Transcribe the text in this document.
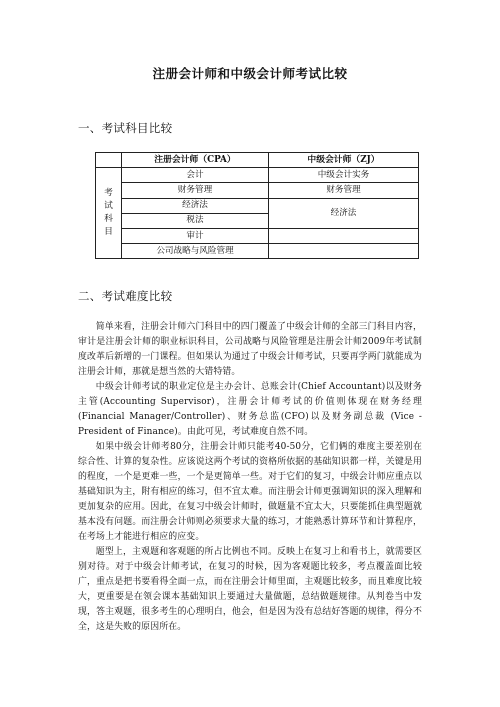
注册会计师和中级会计师考试比较
一、考试科目比较
	注册会计师（CPA）	中级会计师（ZJ）

考
试
科
目	会计	中级会计实务
	财务管理	财务管理
	经济法	经济法
	税法	
	审计	
	公司战略与风险管理	
二、考试难度比较

简单来看，注册会计师六门科目中的四门覆盖了中级会计师的全部三门科目内容，审计是注册会计师的职业标识科目，公司战略与风险管理是注册会计师2009年考试制度改革后新增的一门课程。但如果认为通过了中级会计师考试，只要再学两门就能成为注册会计师，那就是想当然的大错特错。

中级会计师考试的职业定位是主办会计、总账会计(Chief Accountant)以及财务主管(Accounting Supervisor)，注册会计师考试的价值则体现在财务经理(Financial Manager/Controller)、财务总监(CFO)以及财务副总裁 (Vice - President of Finance)。由此可见，考试难度自然不同。

如果中级会计师考80分，注册会计师只能考40-50分，它们俩的难度主要差别在综合性、计算的复杂性。应该说这两个考试的资格所依据的基础知识都一样，关键是用的程度，一个是更难一些，一个是更简单一些。对于它们的复习，中级会计师应重点以基础知识为主，附有相应的练习，但不宜太难。而注册会计师更强调知识的深入理解和更加复杂的应用。因此，在复习中级会计师时，做题量不宜太大，只要能抓住典型题就基本没有问题。而注册会计师则必须要求大量的练习，才能熟悉计算环节和计算程序，在考场上才能进行相应的应变。

题型上，主观题和客观题的所占比例也不同。反映上在复习上和看书上，就需要区别对待。对于中级会计师考试，在复习的时候，因为客观题比较多，考点覆盖面比较广，重点是把书要看得全面一点，而在注册会计师里面，主观题比较多，而且难度比较大，更重要是在领会课本基础知识上要通过大量做题，总结做题规律。从判卷当中发现，答主观题，很多考生的心理明白，他会，但是因为没有总结好答题的规律，得分不全，这是失败的原因所在。
